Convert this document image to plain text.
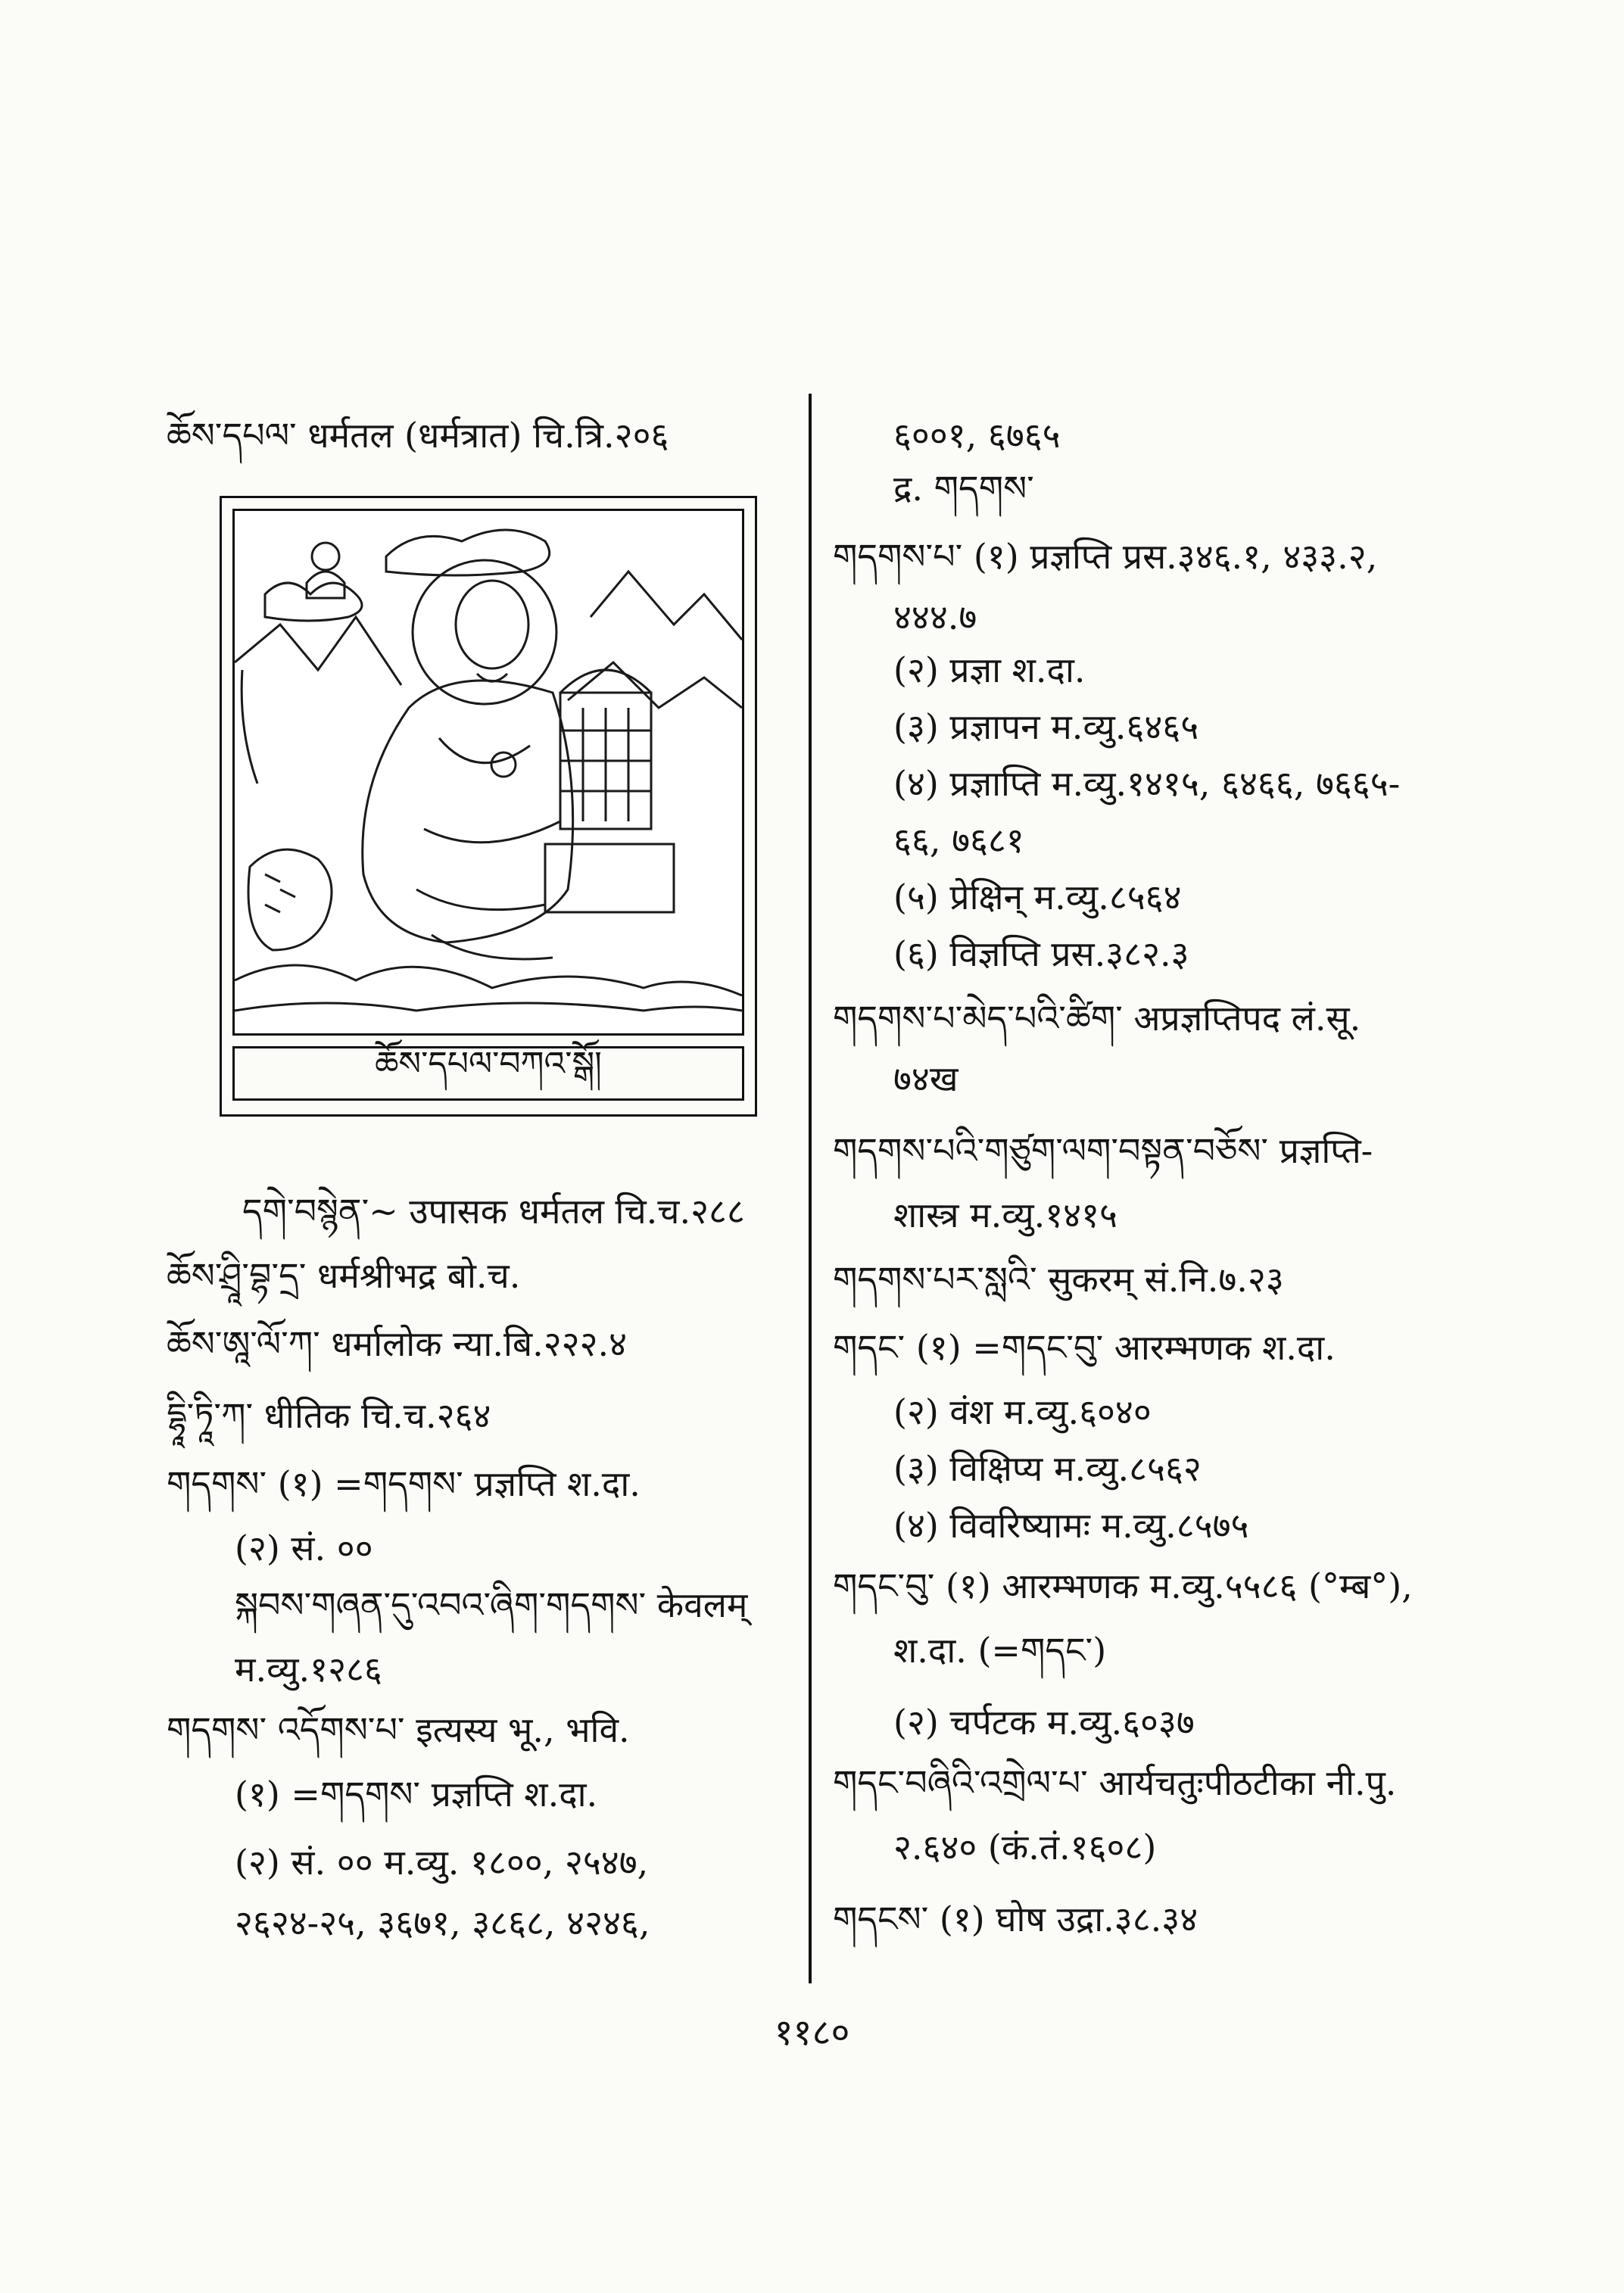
ཆོས་དཔལ་ धर्मतल (धर्मत्रात) चि.त्रि.२०६
ཆོས་དཔལ་བཀའ་སྒོ།
དགེ་བསྙེན་~ उपासक धर्मतल चि.च.२८८
ཆོས་ཤྲཱི་བྷ་དྲ་ धर्मश्रीभद्र बो.च.
ཆོས་ཨཱ་ལོ་ཀ་ धर्मालोक न्या.बि.२२२.४
དྷཱི་ཏཱི་ཀ་ धीतिक चि.च.२६४
གདགས་ (१) =གདགས་ प्रज्ञप्ति श.दा.
(२) सं. ००
སྐབས་གཞན་དུ་འབའ་ཞིག་གདགས་ केवलम्
म.व्यु.१२८६
གདགས་ འདོགས་པ་ इत्यस्य भू., भवि.
(१) =གདགས་ प्रज्ञप्ति श.दा.
(२) सं. ०० म.व्यु. १८००, २५४७,
२६२४-२५, ३६७१, ३८६८, ४२४६,
६००१, ६७६५
द्र. གདགས་
གདགས་པ་ (१) प्रज्ञप्ति प्रस.३४६.१, ४३३.२,
४४४.७
(२) प्रज्ञा श.दा.
(३) प्रज्ञापन म.व्यु.६४६५
(४) प्रज्ञाप्ति म.व्यु.१४१५, ६४६६, ७६६५-
६६, ७६८१
(५) प्रेक्षिन् म.व्यु.८५६४
(६) विज्ञप्ति प्रस.३८२.३
གདགས་པ་མེད་པའི་ཚིག་ अप्रज्ञप्तिपद लं.सू.
७४ख
གདགས་པའི་གཙུག་ལག་བསྟན་བཅོས་ प्रज्ञप्ति-
शास्त्र म.व्यु.१४१५
གདགས་པར་སླའི་ सुकरम् सं.नि.७.२३
གདང་ (१) =གདང་བུ་ आरम्भणक श.दा.
(२) वंश म.व्यु.६०४०
(३) विक्षिप्य म.व्यु.८५६२
(४) विवरिष्यामः म.व्यु.८५७५
གདང་བུ་ (१) आरम्भणक म.व्यु.५५८६ (°म्ब°),
श.दा. (=གདང་)
(२) चर्पटक म.व्यु.६०३७
གདང་བཞིའི་འགྲེལ་པ་ आर्यचतुःपीठटीका नी.पु.
२.६४० (कं.तं.१६०८)
གདངས་ (१) घोष उद्रा.३८.३४
११८०
